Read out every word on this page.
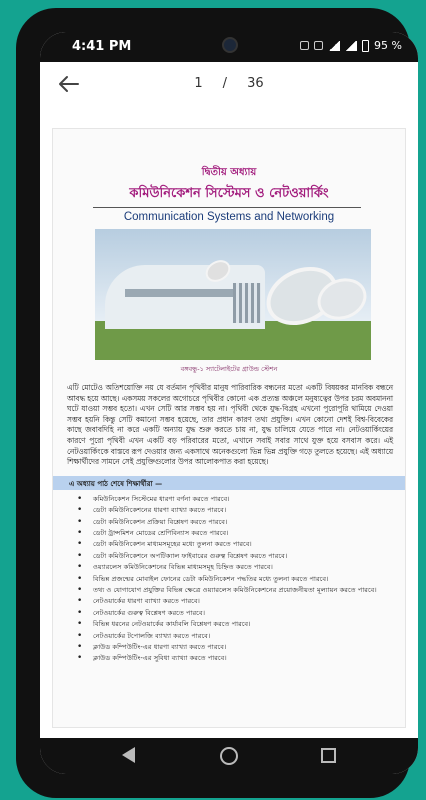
4:41 PM	95 %
1 / 36
দ্বিতীয় অধ্যায়
কমিউনিকেশন সিস্টেমস ও নেটওয়ার্কিং
Communication Systems and Networking
বঙ্গবন্ধু-১ স্যাটেলাইটের গ্রাউন্ড স্টেশন

এটি মোটেও অতিশয়োক্তি নয় যে বর্তমান পৃথিবীর মানুষ পারিবারিক বন্ধনের মতো একটি বিষয়কর মানবিক বন্ধনে আবদ্ধ হয়ে আছে। একসময় সকলের অগোচরে পৃথিবীর কোনো এক প্রত্যন্ত অঞ্চলে মনুষ্যত্বের উপর চরম অবমাননা ঘটে যাওয়া সম্ভব হতো। এখন সেটি আর সম্ভব হয় না। পৃথিবী থেকে যুদ্ধ-বিগ্রহ এখনো পুরোপুরি থামিয়ে দেওয়া সম্ভব হয়নি কিন্তু সেটি কমানো সম্ভব হয়েছে, তার প্রধান কারণ তথ্য প্রযুক্তি। এখন কোনো দেশই বিশ্ব-বিবেকের কাছে জবাবদিহি না করে একটি অন্যায় যুদ্ধ শুরু করতে চায় না, যুদ্ধ চালিয়ে যেতে পারে না। নেটওয়ার্কিংয়ের কারণে পুরো পৃথিবী এখন একটি বড় পরিবারের মতো, এখানে সবাই সবার সাথে যুক্ত হয়ে বসবাস করে। এই নেটওয়ার্কিংকে বাস্তবে রূপ দেওয়ার জন্য একসাথে অনেকগুলো ভিন্ন ভিন্ন প্রযুক্তি গড়ে তুলতে হয়েছে। এই অধ্যায়ে শিক্ষার্থীদের সামনে সেই প্রযুক্তিগুলোর উপর আলোকপাত করা হয়েছে।

এ অধ্যায় পাঠ শেষে শিক্ষার্থীরা —
• কমিউনিকেশন সিস্টেমের ধারণা বর্ণনা করতে পারবে।
• ডেটা কমিউনিকেশনের ধারণা ব্যাখ্যা করতে পারবে।
• ডেটা কমিউনিকেশন প্রক্রিয়া বিশ্লেষণ করতে পারবে।
• ডেটা ট্রান্সমিশন মোডের শ্রেণিবিন্যাস করতে পারবে।
• ডেটা কমিউনিকেশন মাধ্যমসমূহের মধ্যে তুলনা করতে পারবে।
• ডেটা কমিউনিকেশনে অপটিক্যাল ফাইবারের গুরুত্ব বিশ্লেষণ করতে পারবে।
• ওয়্যারলেস কমিউনিকেশনের বিভিন্ন মাধ্যমসমূহ চিহ্নিত করতে পারবে।
• বিভিন্ন প্রজন্মের মোবাইল ফোনের ডেটা কমিউনিকেশন পদ্ধতির মধ্যে তুলনা করতে পারবে।
• তথ্য ও যোগাযোগ প্রযুক্তির বিভিন্ন ক্ষেত্রে ওয়্যারলেস কমিউনিকেশনের প্রয়োজনীয়তা মূল্যায়ন করতে পারবে।
• নেটওয়ার্কের ধারণা ব্যাখ্যা করতে পারবে।
• নেটওয়ার্কের গুরুত্ব বিশ্লেষণ করতে পারবে।
• বিভিন্ন ধরনের নেটওয়ার্কের কার্যাবলি বিশ্লেষণ করতে পারবে।
• নেটওয়ার্কের টপোলজি ব্যাখ্যা করতে পারবে।
• ক্লাউড কম্পিউটিং-এর ধারণা ব্যাখ্যা করতে পারবে।
• ক্লাউড কম্পিউটিং-এর সুবিধা ব্যাখ্যা করতে পারবে।
